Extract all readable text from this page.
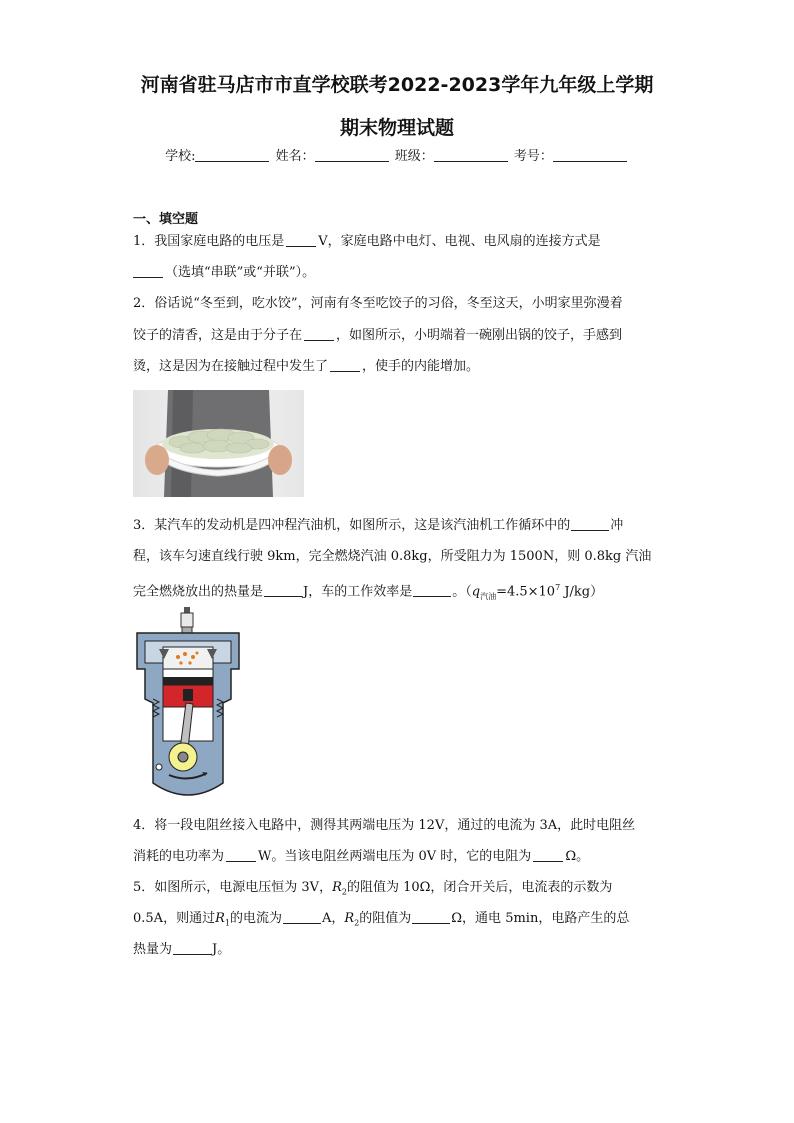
河南省驻马店市市直学校联考2022-2023学年九年级上学期
期末物理试题
学校:	姓名：	班级：	考号：
一、填空题
1．我国家庭电路的电压是	V，家庭电路中电灯、电视、电风扇的连接方式是
（选填“串联”或“并联”）。
2．俗话说“冬至到，吃水饺”，河南有冬至吃饺子的习俗，冬至这天，小明家里弥漫着
饺子的清香，这是由于分子在	，如图所示，小明端着一碗刚出锅的饺子，手感到
烫，这是因为在接触过程中发生了	，使手的内能增加。
3．某汽车的发动机是四冲程汽油机，如图所示，这是该汽油机工作循环中的	冲
程，该车匀速直线行驶 9km，完全燃烧汽油 0.8kg，所受阻力为 1500N，则 0.8kg 汽油
完全燃烧放出的热量是	J，车的工作效率是	。（$q_{汽油}=4.5\times 10^7$ J/kg）
4．将一段电阻丝接入电路中，测得其两端电压为 12V，通过的电流为 3A，此时电阻丝
消耗的电功率为	W。当该电阻丝两端电压为 0V 时，它的电阻为	Ω。
5．如图所示，电源电压恒为 3V，$R_2$的阻值为 10Ω，闭合开关后，电流表的示数为
0.5A，则通过$R_1$的电流为	A，$R_2$的阻值为	Ω，通电 5min，电路产生的总
热量为	J。
